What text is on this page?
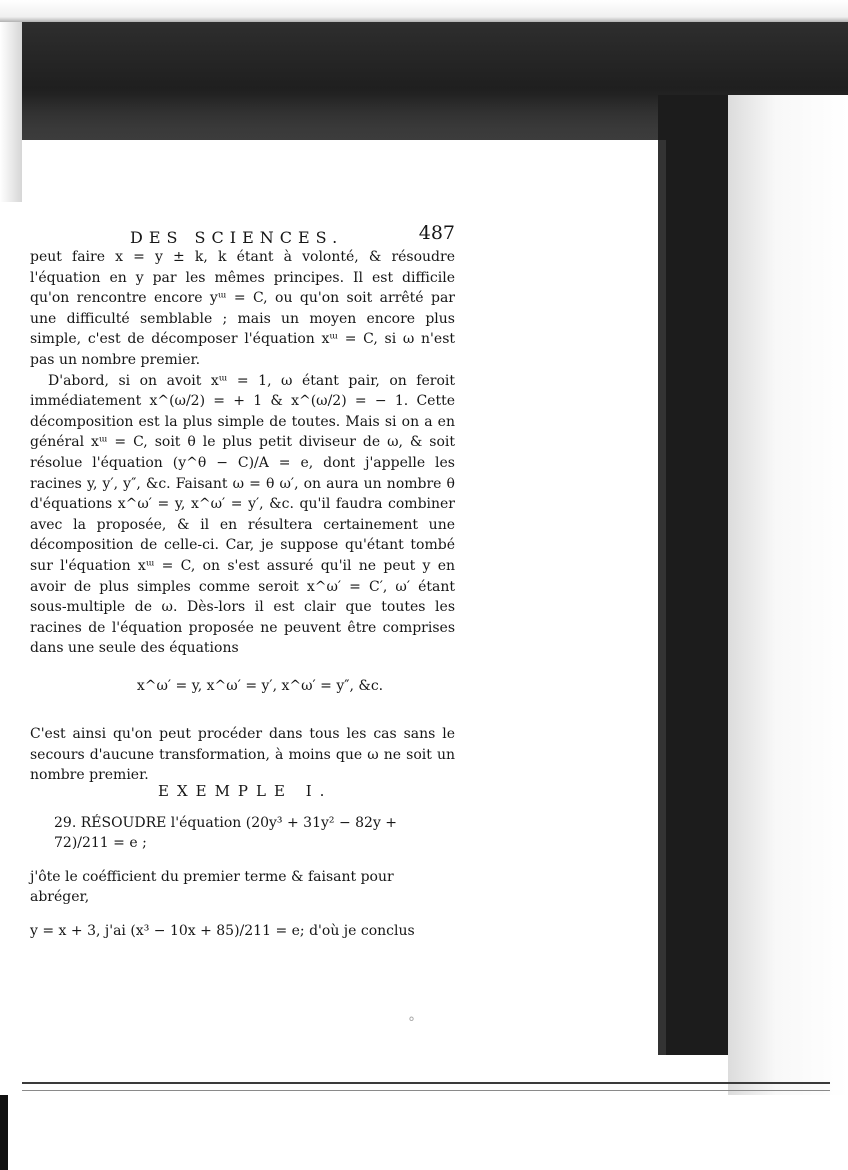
°
DES SCIENCES.	487

peut faire x = y ± k, k étant à volonté, & résoudre l'équation en y par les mêmes principes. Il est difficile qu'on rencontre encore yᵚ = C, ou qu'on soit arrêté par une difficulté semblable ; mais un moyen encore plus simple, c'est de décomposer l'équation xᵚ = C, si ω n'est pas un nombre premier.

D'abord, si on avoit xᵚ = 1, ω étant pair, on feroit immédiatement x^(ω/2) = + 1 & x^(ω/2) = − 1. Cette décomposition est la plus simple de toutes. Mais si on a en général xᵚ = C, soit θ le plus petit diviseur de ω, & soit résolue l'équation (y^θ − C)/A = e, dont j'appelle les racines y, y′, y″, &c. Faisant ω = θ ω′, on aura un nombre θ d'équations x^ω′ = y, x^ω′ = y′, &c. qu'il faudra combiner avec la proposée, & il en résultera certainement une décomposition de celle-ci. Car, je suppose qu'étant tombé sur l'équation xᵚ = C, on s'est assuré qu'il ne peut y en avoir de plus simples comme seroit x^ω′ = C′, ω′ étant sous-multiple de ω. Dès-lors il est clair que toutes les racines de l'équation proposée ne peuvent être comprises dans une seule des équations

x^ω′ = y, x^ω′ = y′, x^ω′ = y″, &c.

C'est ainsi qu'on peut procéder dans tous les cas sans le secours d'aucune transformation, à moins que ω ne soit un nombre premier.

EXEMPLE I.
29. RÉSOUDRE l'équation (20y³ + 31y² − 82y + 72)/211 = e ;
j'ôte le coéfficient du premier terme & faisant pour abréger,
y = x + 3, j'ai (x³ − 10x + 85)/211 = e; d'où je conclus
